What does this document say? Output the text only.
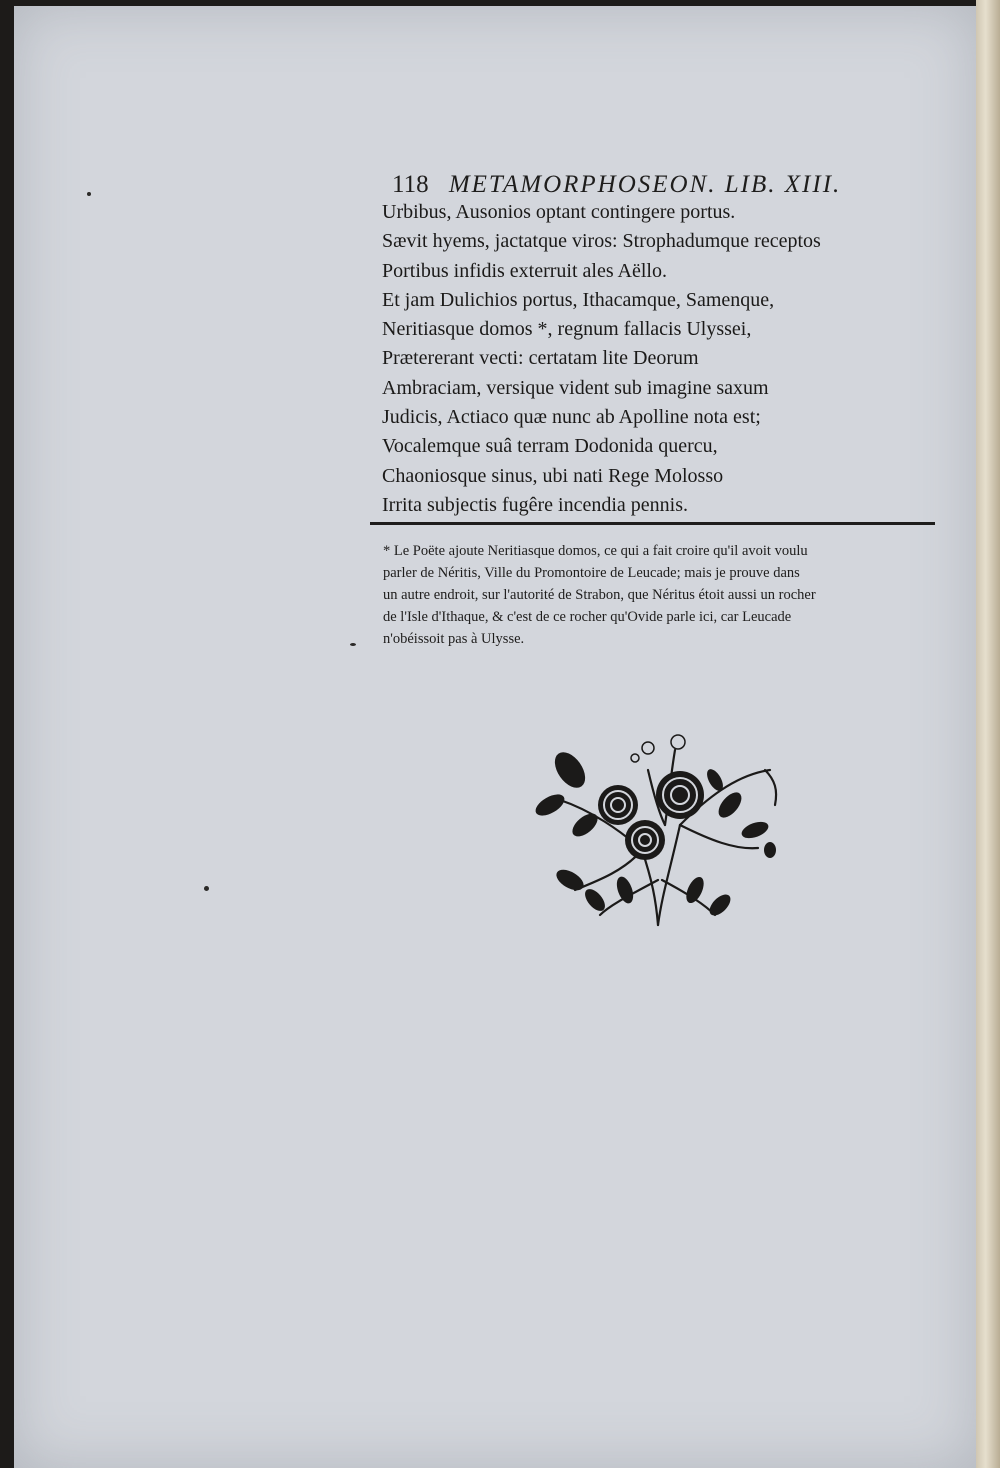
118 METAMORPHOSEON. LIB. XIII.
Urbibus, Ausonios optant contingere portus.
Sævit hyems, jactatque viros: Strophadumque receptos
Portibus infidis exterruit ales Aëllo.
Et jam Dulichios portus, Ithacamque, Samenque,
Neritiasque domos *, regnum fallacis Ulyssei,
Prætererant vecti: certatam lite Deorum
Ambraciam, versique vident sub imagine saxum
Judicis, Actiaco quæ nunc ab Apolline nota est;
Vocalemque suâ terram Dodonida quercu,
Chaoniosque sinus, ubi nati Rege Molosso
Irrita subjectis fugêre incendia pennis.
* Le Poëte ajoute Neritiasque domos, ce qui a fait croire qu'il avoit voulu
parler de Néritis, Ville du Promontoire de Leucade; mais je prouve dans
un autre endroit, sur l'autorité de Strabon, que Néritus étoit aussi un rocher
de l'Isle d'Ithaque, & c'est de ce rocher qu'Ovide parle ici, car Leucade
n'obéissoit pas à Ulysse.
